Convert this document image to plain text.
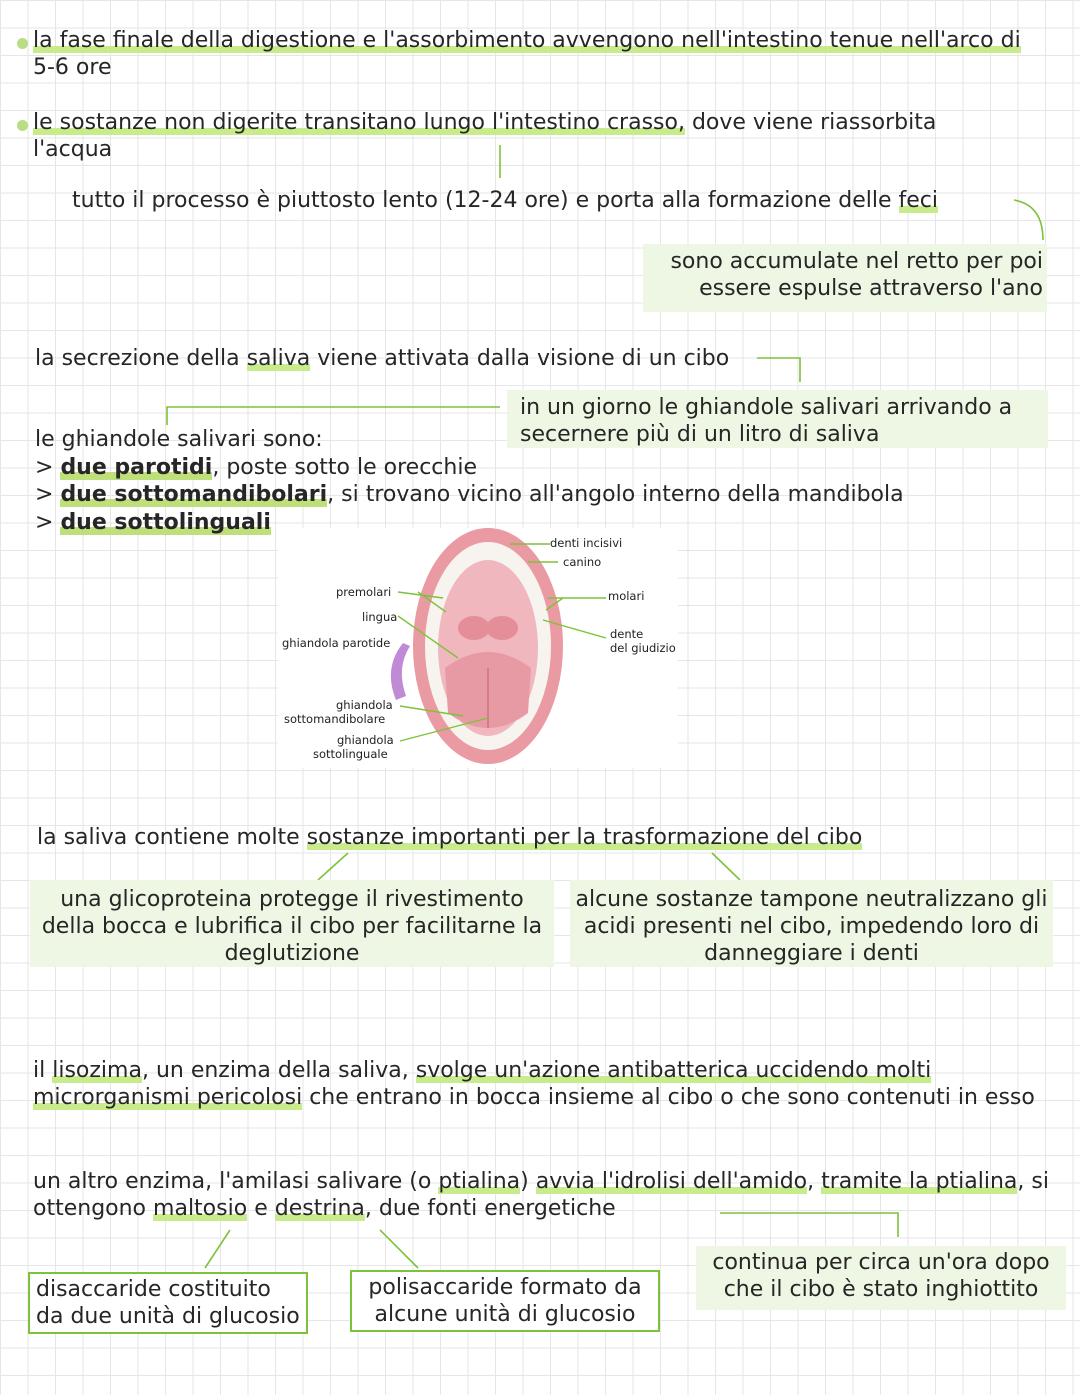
la fase finale della digestione e l'assorbimento avvengono nell'intestino tenue nell'arco di

5-6 ore

le sostanze non digerite transitano lungo l'intestino crasso, dove viene riassorbita

l'acqua

tutto il processo è piuttosto lento (12-24 ore) e porta alla formazione delle feci

sono accumulate nel retto per poi

essere espulse attraverso l'ano

la secrezione della saliva viene attivata dalla visione di un cibo

in un giorno le ghiandole salivari arrivando a

secernere più di un litro di saliva

le ghiandole salivari sono:

> due parotidi, poste sotto le orecchie

> due sottomandibolari, si trovano vicino all'angolo interno della mandibola

> due sottolinguali

denti incisivi
canino
premolari	molari
lingua
ghiandola parotide
dente
del giudizio
ghiandola
sottomandibolare
ghiandola
sottolinguale

la saliva contiene molte sostanze importanti per la trasformazione del cibo

una glicoproteina protegge il rivestimento della bocca e lubrifica il cibo per facilitarne la deglutizione

alcune sostanze tampone neutralizzano gli acidi presenti nel cibo, impedendo loro di danneggiare i denti

il lisozima, un enzima della saliva, svolge un'azione antibatterica uccidendo molti microrganismi pericolosi che entrano in bocca insieme al cibo o che sono contenuti in esso

un altro enzima, l'amilasi salivare (o ptialina) avvia l'idrolisi dell'amido, tramite la ptialina, si ottengono maltosio e destrina, due fonti energetiche

disaccaride costituito da due unità di glucosio

polisaccaride formato da alcune unità di glucosio

continua per circa un'ora dopo che il cibo è stato inghiottito
